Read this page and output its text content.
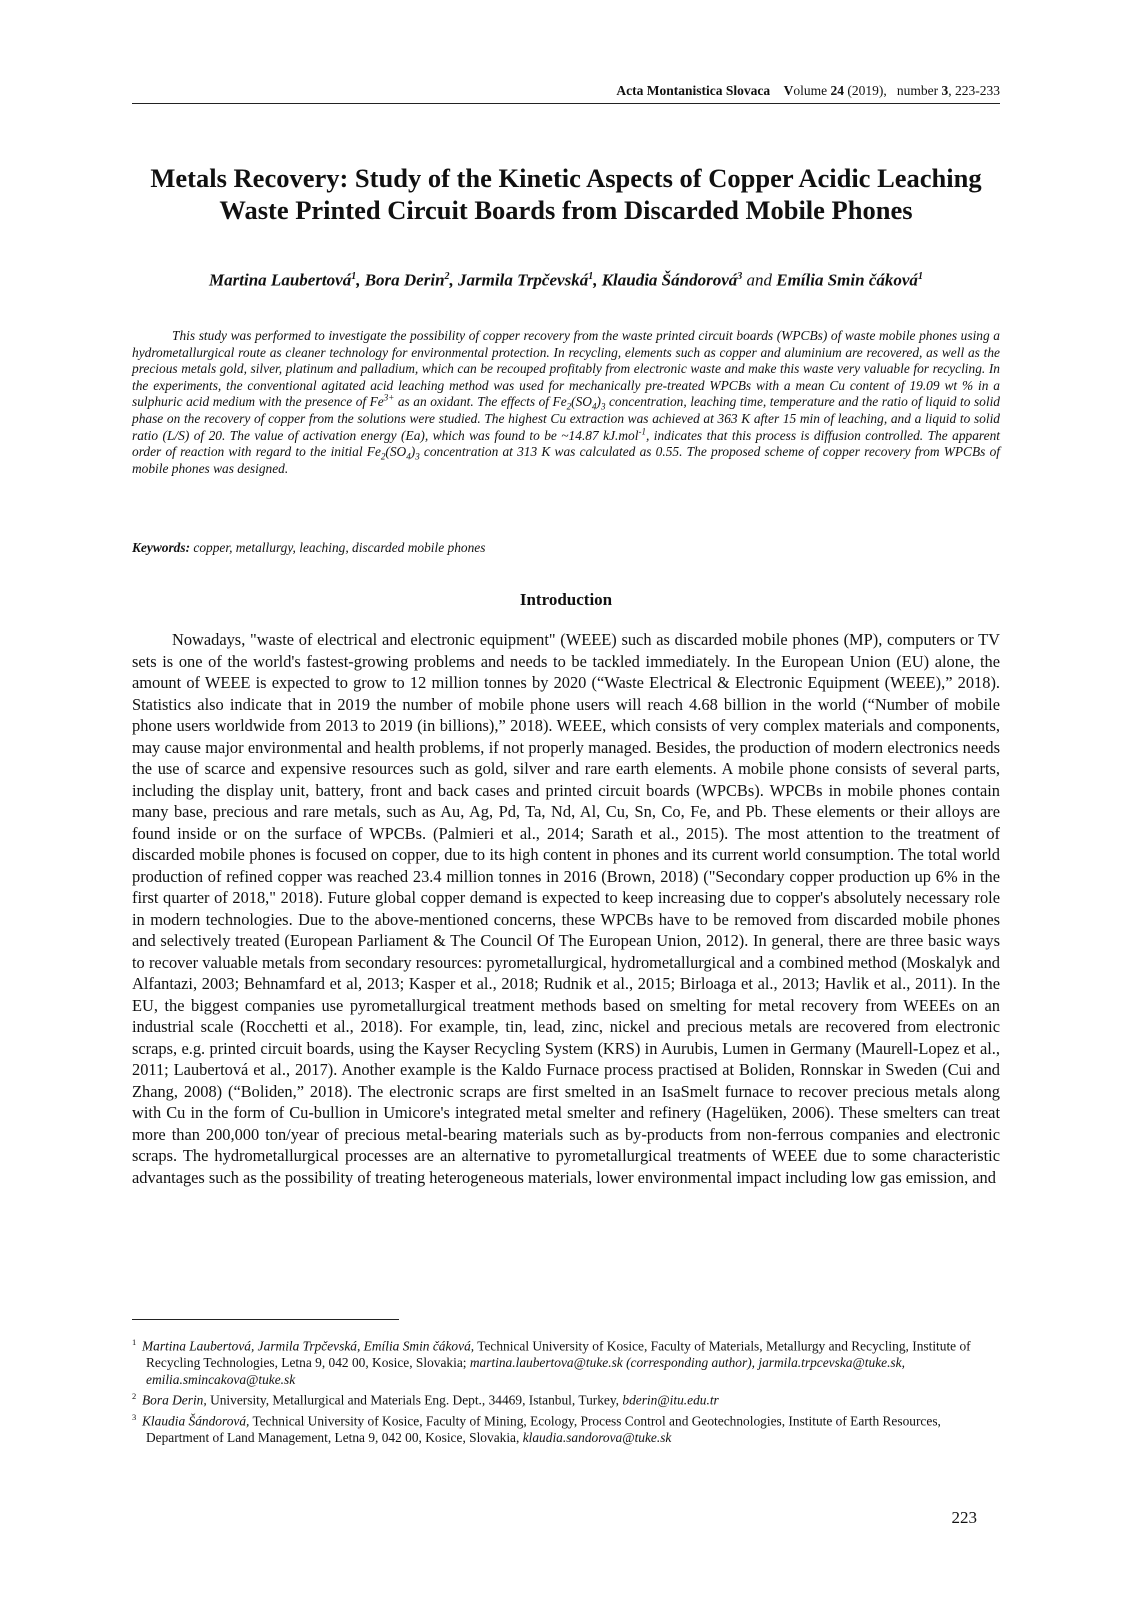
Acta Montanistica Slovaca Volume 24 (2019), number 3, 223-233
Metals Recovery: Study of the Kinetic Aspects of Copper Acidic Leaching
Waste Printed Circuit Boards from Discarded Mobile Phones
Martina Laubertová$^1$, Bora Derin$^2$, Jarmila Trpčevská$^1$, Klaudia Šándorová$^3$ and Emília Smin čáková$^1$

This study was performed to investigate the possibility of copper recovery from the waste printed circuit boards (WPCBs) of waste mobile phones using a hydrometallurgical route as cleaner technology for environmental protection. In recycling, elements such as copper and aluminium are recovered, as well as the precious metals gold, silver, platinum and palladium, which can be recouped profitably from electronic waste and make this waste very valuable for recycling. In the experiments, the conventional agitated acid leaching method was used for mechanically pre-treated WPCBs with a mean Cu content of 19.09 wt % in a sulphuric acid medium with the presence of $Fe^{3+}$ as an oxidant. The effects of $Fe_2(SO_4)_3$ concentration, leaching time, temperature and the ratio of liquid to solid phase on the recovery of copper from the solutions were studied. The highest Cu extraction was achieved at 363 K after 15 min of leaching, and a liquid to solid ratio (L/S) of 20. The value of activation energy (Ea), which was found to be ~14.87 kJ.mol$^{-1}$, indicates that this process is diffusion controlled. The apparent order of reaction with regard to the initial $Fe_2(SO_4)_3$ concentration at 313 K was calculated as 0.55. The proposed scheme of copper recovery from WPCBs of mobile phones was designed.

Keywords: copper, metallurgy, leaching, discarded mobile phones

Introduction

Nowadays, "waste of electrical and electronic equipment" (WEEE) such as discarded mobile phones (MP), computers or TV sets is one of the world's fastest-growing problems and needs to be tackled immediately. In the European Union (EU) alone, the amount of WEEE is expected to grow to 12 million tonnes by 2020 (“Waste Electrical & Electronic Equipment (WEEE),” 2018). Statistics also indicate that in 2019 the number of mobile phone users will reach 4.68 billion in the world (“Number of mobile phone users worldwide from 2013 to 2019 (in billions),” 2018). WEEE, which consists of very complex materials and components, may cause major environmental and health problems, if not properly managed. Besides, the production of modern electronics needs the use of scarce and expensive resources such as gold, silver and rare earth elements. A mobile phone consists of several parts, including the display unit, battery, front and back cases and printed circuit boards (WPCBs). WPCBs in mobile phones contain many base, precious and rare metals, such as Au, Ag, Pd, Ta, Nd, Al, Cu, Sn, Co, Fe, and Pb. These elements or their alloys are found inside or on the surface of WPCBs. (Palmieri et al., 2014; Sarath et al., 2015). The most attention to the treatment of discarded mobile phones is focused on copper, due to its high content in phones and its current world consumption. The total world production of refined copper was reached 23.4 million tonnes in 2016 (Brown, 2018) ("Secondary copper production up 6% in the first quarter of 2018," 2018). Future global copper demand is expected to keep increasing due to copper's absolutely necessary role in modern technologies. Due to the above-mentioned concerns, these WPCBs have to be removed from discarded mobile phones and selectively treated (European Parliament & The Council Of The European Union, 2012). In general, there are three basic ways to recover valuable metals from secondary resources: pyrometallurgical, hydrometallurgical and a combined method (Moskalyk and Alfantazi, 2003; Behnamfard et al, 2013; Kasper et al., 2018; Rudnik et al., 2015; Birloaga et al., 2013; Havlik et al., 2011). In the EU, the biggest companies use pyrometallurgical treatment methods based on smelting for metal recovery from WEEEs on an industrial scale (Rocchetti et al., 2018). For example, tin, lead, zinc, nickel and precious metals are recovered from electronic scraps, e.g. printed circuit boards, using the Kayser Recycling System (KRS) in Aurubis, Lumen in Germany (Maurell-Lopez et al., 2011; Laubertová et al., 2017). Another example is the Kaldo Furnace process practised at Boliden, Ronnskar in Sweden (Cui and Zhang, 2008) (“Boliden,” 2018). The electronic scraps are first smelted in an IsaSmelt furnace to recover precious metals along with Cu in the form of Cu-bullion in Umicore's integrated metal smelter and refinery (Hagelüken, 2006). These smelters can treat more than 200,000 ton/year of precious metal-bearing materials such as by-products from non-ferrous companies and electronic scraps. The hydrometallurgical processes are an alternative to pyrometallurgical treatments of WEEE due to some characteristic advantages such as the possibility of treating heterogeneous materials, lower environmental impact including low gas emission, and

$^1$ Martina Laubertová, Jarmila Trpčevská, Emília Smin čáková, Technical University of Kosice, Faculty of Materials, Metallurgy and Recycling, Institute of Recycling Technologies, Letna 9, 042 00, Kosice, Slovakia; martina.laubertova@tuke.sk (corresponding author), jarmila.trpcevska@tuke.sk, emilia.smincakova@tuke.sk

$^2$ Bora Derin, University, Metallurgical and Materials Eng. Dept., 34469, Istanbul, Turkey, bderin@itu.edu.tr

$^3$ Klaudia Šándorová, Technical University of Kosice, Faculty of Mining, Ecology, Process Control and Geotechnologies, Institute of Earth Resources, Department of Land Management, Letna 9, 042 00, Kosice, Slovakia, klaudia.sandorova@tuke.sk

223
